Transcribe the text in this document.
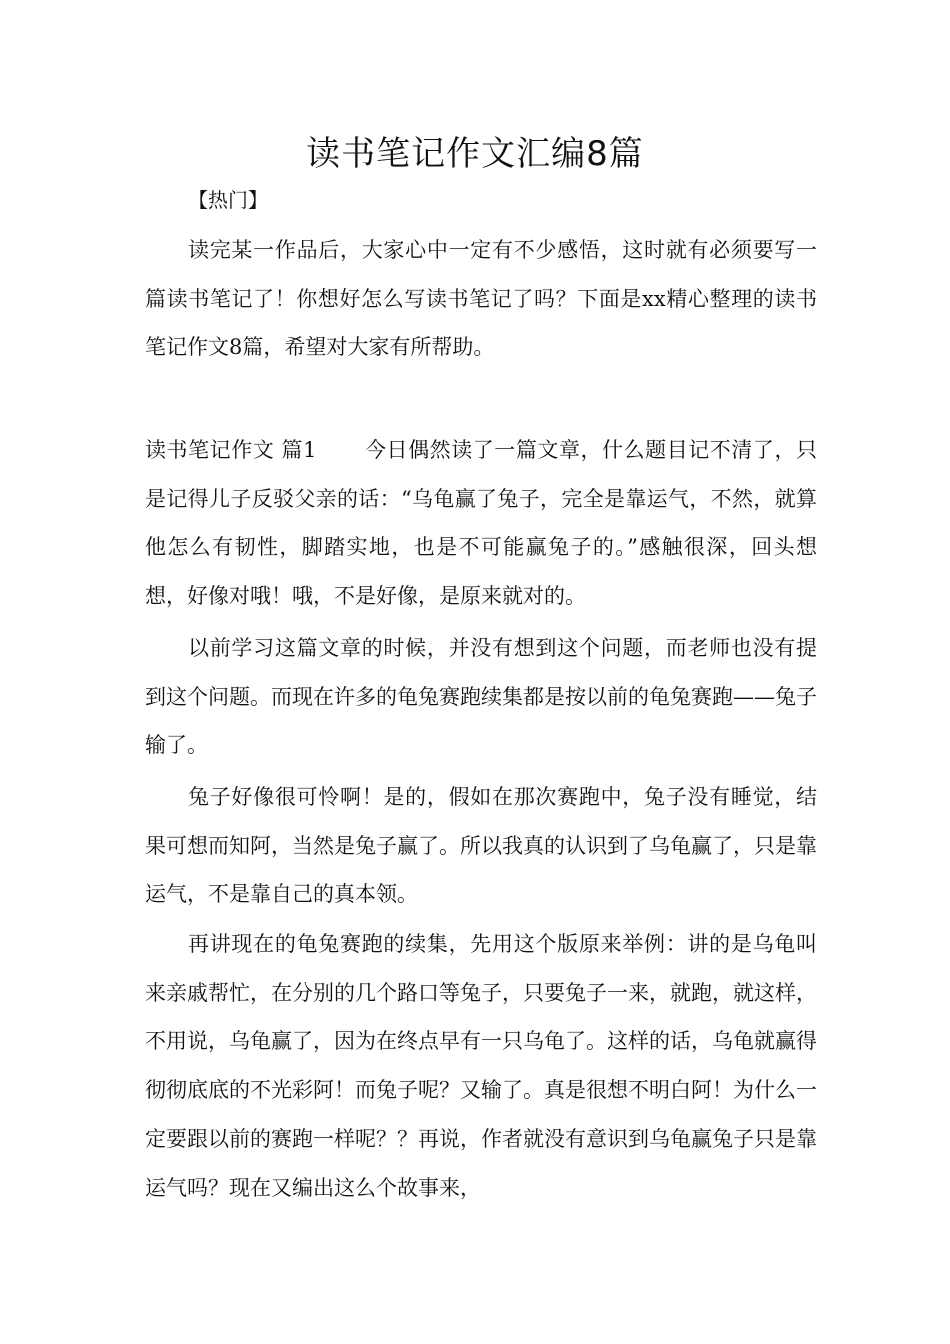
读书笔记作文汇编8篇
【热门】

读完某一作品后，大家心中一定有不少感悟，这时就有必须要写一篇读书笔记了！你想好怎么写读书笔记了吗？下面是xx精心整理的读书笔记作文8篇，希望对大家有所帮助。

读书笔记作文 篇1 今日偶然读了一篇文章，什么题目记不清了，只是记得儿子反驳父亲的话：“乌龟赢了兔子，完全是靠运气，不然，就算他怎么有韧性，脚踏实地，也是不可能赢兔子的。”感触很深，回头想想，好像对哦！哦，不是好像，是原来就对的。

以前学习这篇文章的时候，并没有想到这个问题，而老师也没有提到这个问题。而现在许多的龟兔赛跑续集都是按以前的龟兔赛跑——兔子输了。

兔子好像很可怜啊！是的，假如在那次赛跑中，兔子没有睡觉，结果可想而知阿，当然是兔子赢了。所以我真的认识到了乌龟赢了，只是靠运气，不是靠自己的真本领。

再讲现在的龟兔赛跑的续集，先用这个版原来举例：讲的是乌龟叫来亲戚帮忙，在分别的几个路口等兔子，只要兔子一来，就跑，就这样，不用说，乌龟赢了，因为在终点早有一只乌龟了。这样的话，乌龟就赢得彻彻底底的不光彩阿！而兔子呢？又输了。真是很想不明白阿！为什么一定要跟以前的赛跑一样呢？？再说，作者就没有意识到乌龟赢兔子只是靠运气吗？现在又编出这么个故事来，
